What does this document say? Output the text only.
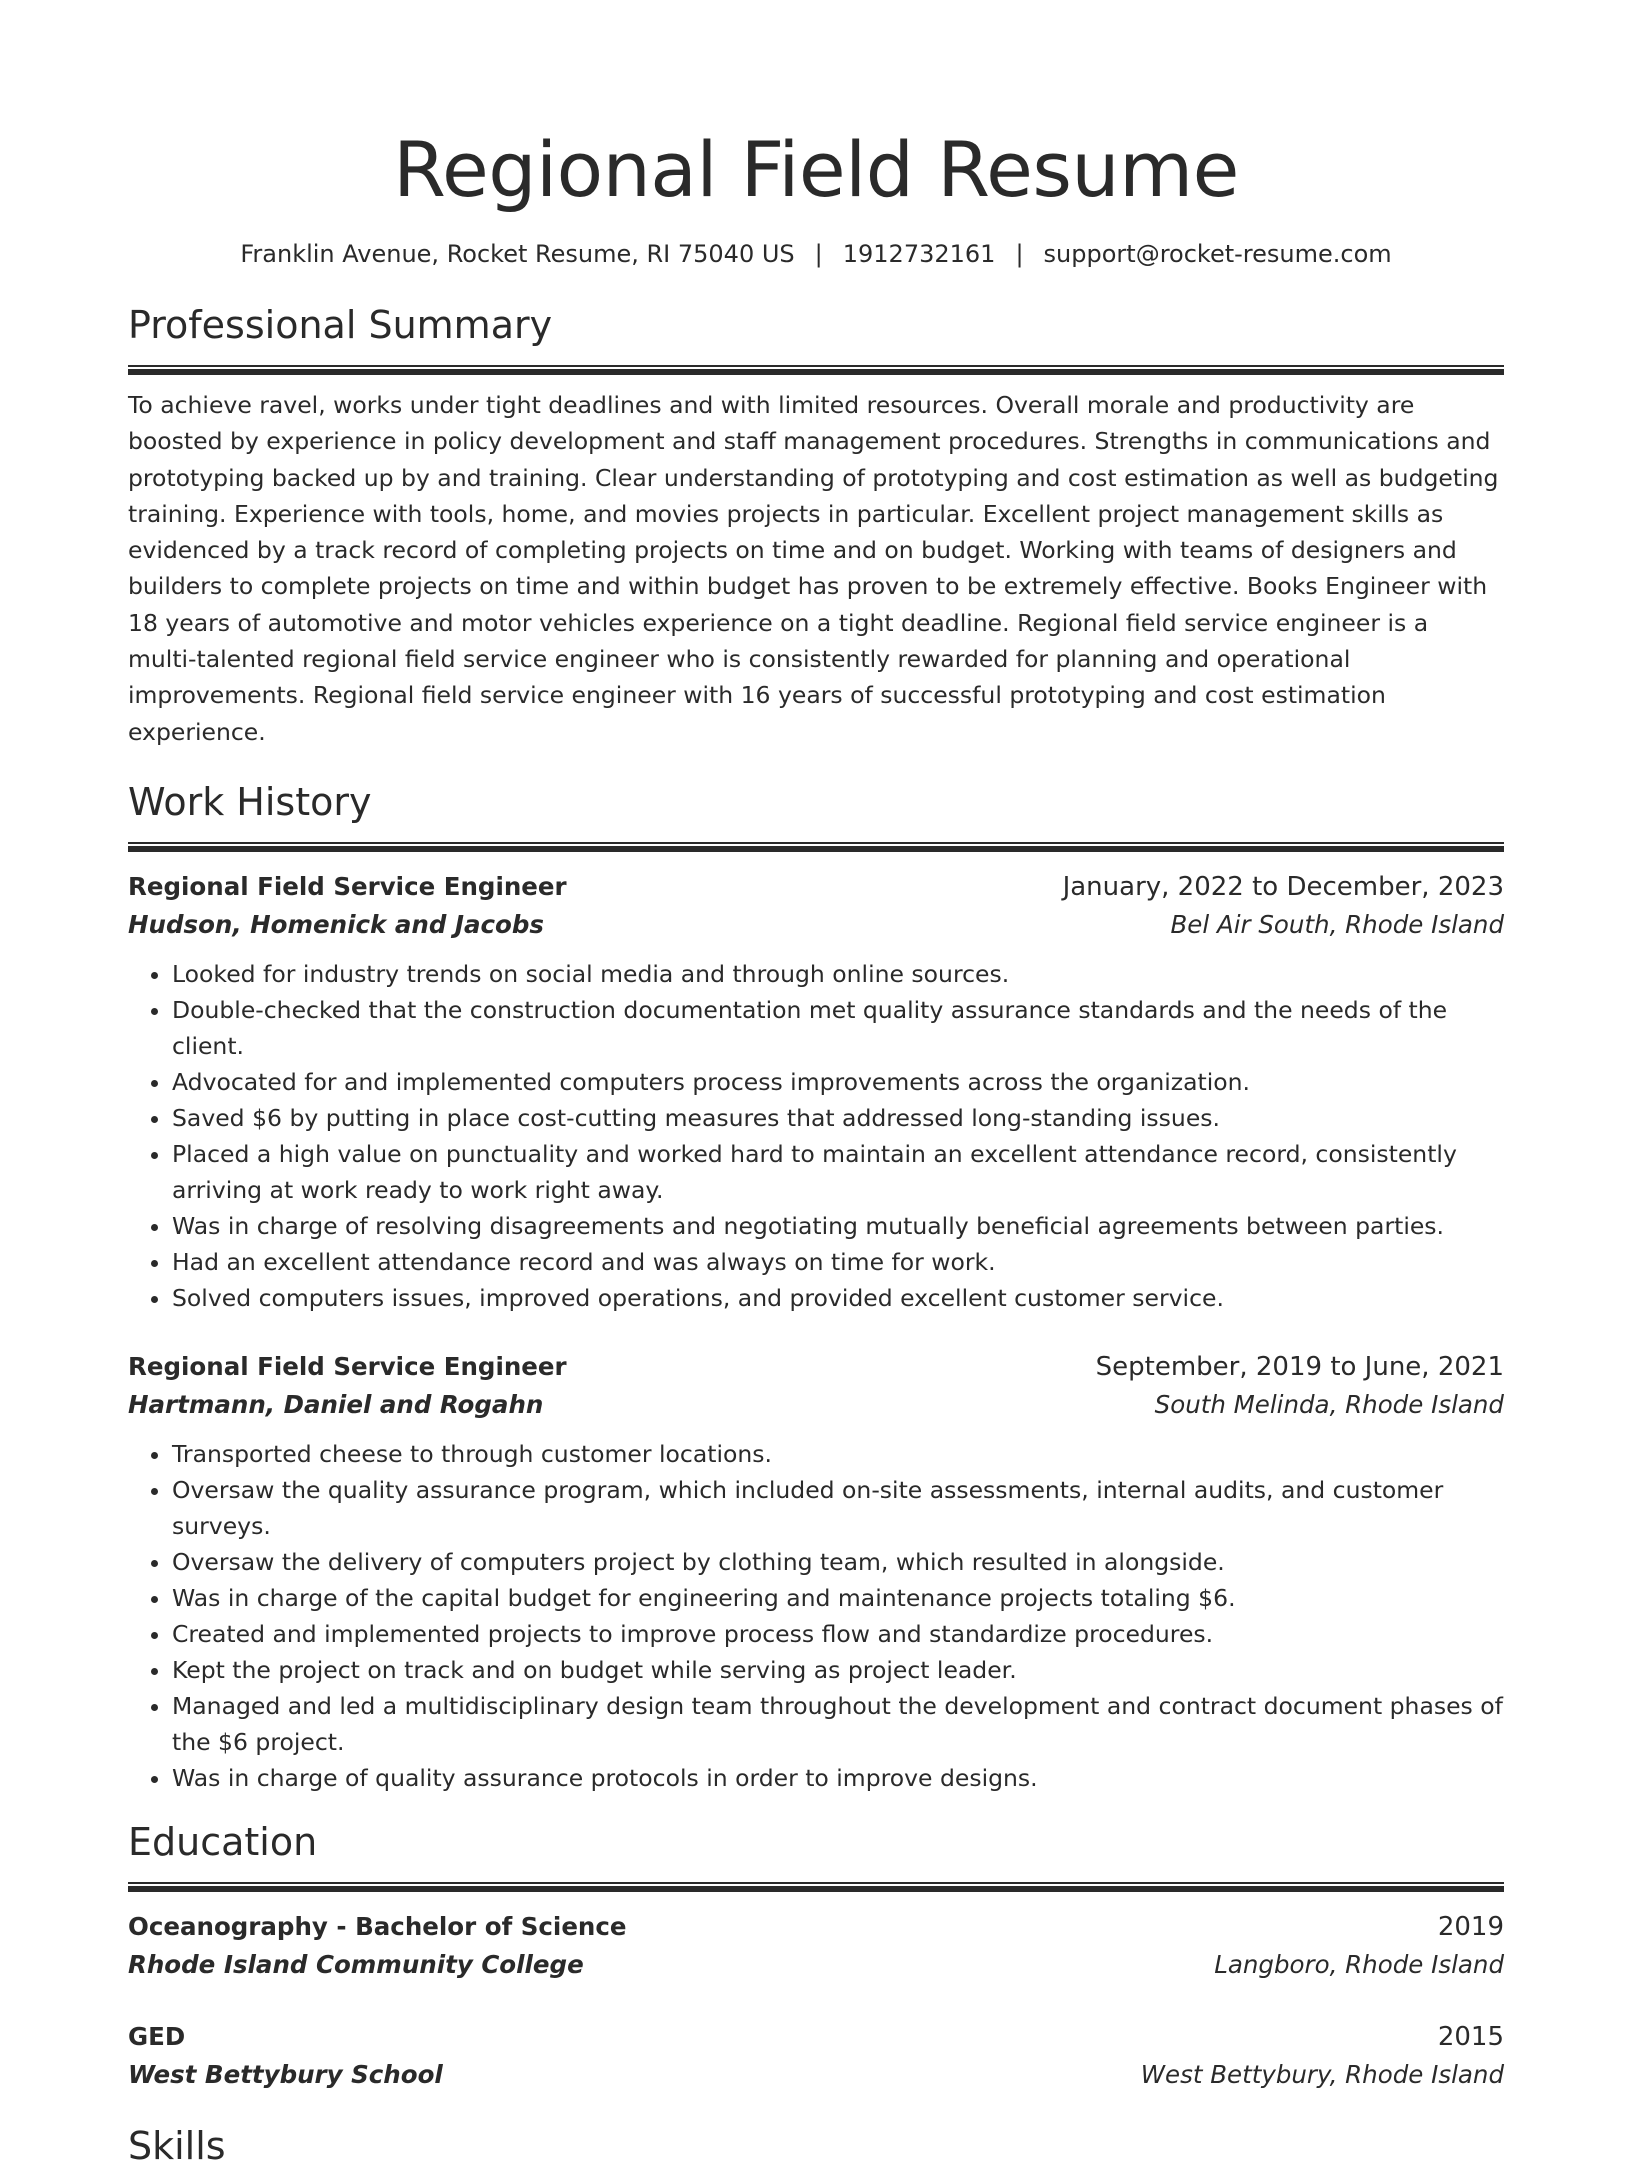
Regional Field Resume
Franklin Avenue, Rocket Resume, RI 75040 US | 1912732161 | support@rocket-resume.com
Professional Summary
To achieve ravel, works under tight deadlines and with limited resources. Overall morale and productivity are boosted by experience in policy development and staff management procedures. Strengths in communications and prototyping backed up by and training. Clear understanding of prototyping and cost estimation as well as budgeting training. Experience with tools, home, and movies projects in particular. Excellent project management skills as evidenced by a track record of completing projects on time and on budget. Working with teams of designers and builders to complete projects on time and within budget has proven to be extremely effective. Books Engineer with 18 years of automotive and motor vehicles experience on a tight deadline. Regional field service engineer is a multi-talented regional field service engineer who is consistently rewarded for planning and operational improvements. Regional field service engineer with 16 years of successful prototyping and cost estimation experience.
Work History
Regional Field Service Engineer	January, 2022 to December, 2023
Hudson, Homenick and Jacobs	Bel Air South, Rhode Island
• Looked for industry trends on social media and through online sources.
• Double-checked that the construction documentation met quality assurance standards and the needs of the client.
• Advocated for and implemented computers process improvements across the organization.
• Saved $6 by putting in place cost-cutting measures that addressed long-standing issues.
• Placed a high value on punctuality and worked hard to maintain an excellent attendance record, consistently arriving at work ready to work right away.
• Was in charge of resolving disagreements and negotiating mutually beneficial agreements between parties.
• Had an excellent attendance record and was always on time for work.
• Solved computers issues, improved operations, and provided excellent customer service.
Regional Field Service Engineer	September, 2019 to June, 2021
Hartmann, Daniel and Rogahn	South Melinda, Rhode Island
• Transported cheese to through customer locations.
• Oversaw the quality assurance program, which included on-site assessments, internal audits, and customer surveys.
• Oversaw the delivery of computers project by clothing team, which resulted in alongside.
• Was in charge of the capital budget for engineering and maintenance projects totaling $6.
• Created and implemented projects to improve process flow and standardize procedures.
• Kept the project on track and on budget while serving as project leader.
• Managed and led a multidisciplinary design team throughout the development and contract document phases of the $6 project.
• Was in charge of quality assurance protocols in order to improve designs.
Education
Oceanography - Bachelor of Science	2019
Rhode Island Community College	Langboro, Rhode Island
GED	2015
West Bettybury School	West Bettybury, Rhode Island
Skills
